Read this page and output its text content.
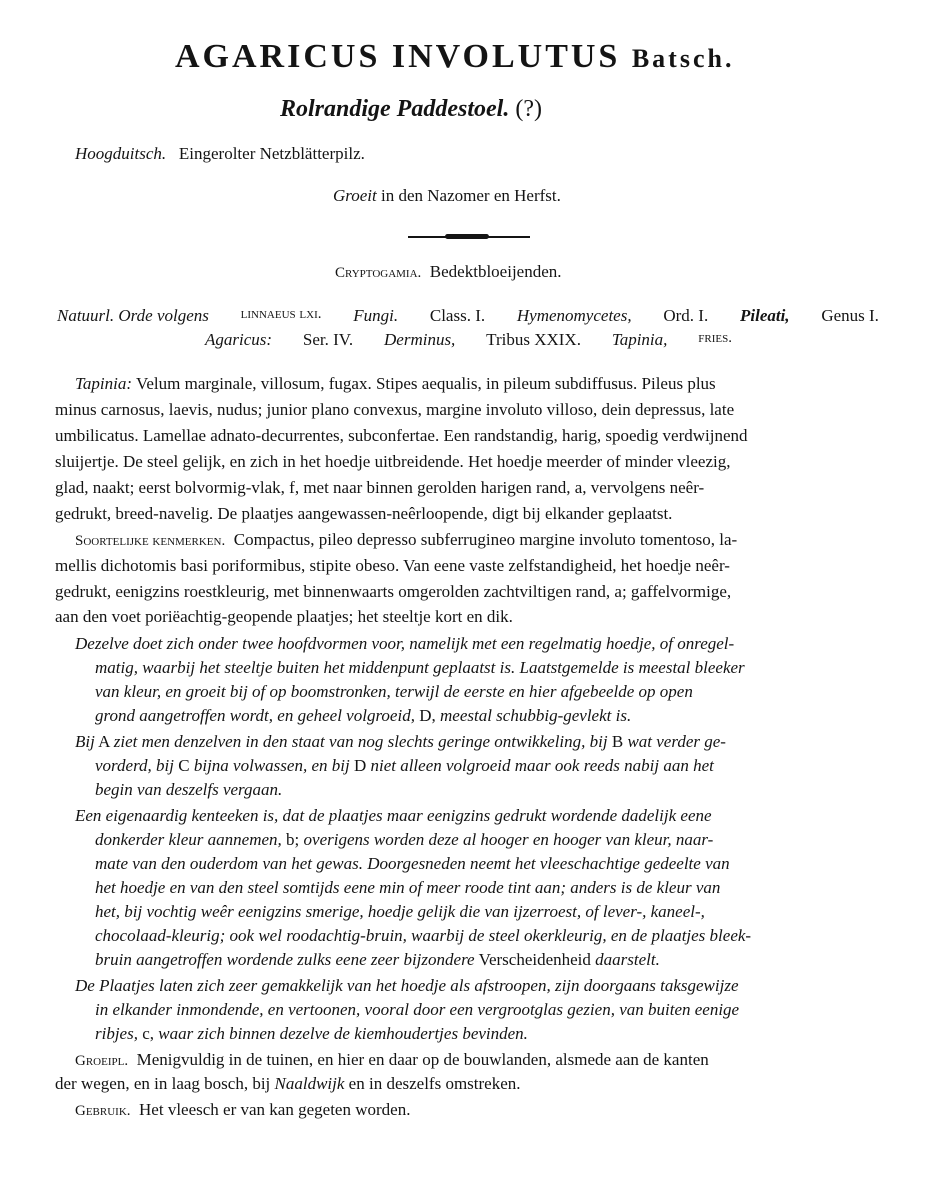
AGARICUS INVOLUTUS Batsch.
Rolrandige Paddestoel. (?)
Hoogduitsch. Eingerolter Netzblätterpilz.
Groeit in den Nazomer en Herfst.
Cryptogamia. Bedektbloeijenden.
Natuurl. Orde volgens linnaeus lxi. Fungi. Class. I. Hymenomycetes, Ord. I. Pileati, Genus I.
Agaricus: Ser. IV. Derminus, Tribus XXIX. Tapinia, fries.
Tapinia: Velum marginale, villosum, fugax. Stipes aequalis, in pileum subdiffusus. Pileus plus
minus carnosus, laevis, nudus; junior plano convexus, margine involuto villoso, dein depressus, late
umbilicatus. Lamellae adnato-decurrentes, subconfertae. Een randstandig, harig, spoedig verdwijnend
sluijertje. De steel gelijk, en zich in het hoedje uitbreidende. Het hoedje meerder of minder vleezig,
glad, naakt; eerst bolvormig-vlak, f, met naar binnen gerolden harigen rand, a, vervolgens neêr-
gedrukt, breed-navelig. De plaatjes aangewassen-neêrloopende, digt bij elkander geplaatst.
Soortelijke kenmerken. Compactus, pileo depresso subferrugineo margine involuto tomentoso, la-
mellis dichotomis basi poriformibus, stipite obeso. Van eene vaste zelfstandigheid, het hoedje neêr-
gedrukt, eenigzins roestkleurig, met binnenwaarts omgerolden zachtviltigen rand, a; gaffelvormige,
aan den voet poriëachtig-geopende plaatjes; het steeltje kort en dik.
Dezelve doet zich onder twee hoofdvormen voor, namelijk met een regelmatig hoedje, of onregel-
matig, waarbij het steeltje buiten het middenpunt geplaatst is. Laatstgemelde is meestal bleeker
van kleur, en groeit bij of op boomstronken, terwijl de eerste en hier afgebeelde op open
grond aangetroffen wordt, en geheel volgroeid, D, meestal schubbig-gevlekt is.
Bij A ziet men denzelven in den staat van nog slechts geringe ontwikkeling, bij B wat verder ge-
vorderd, bij C bijna volwassen, en bij D niet alleen volgroeid maar ook reeds nabij aan het
begin van deszelfs vergaan.
Een eigenaardig kenteeken is, dat de plaatjes maar eenigzins gedrukt wordende dadelijk eene
donkerder kleur aannemen, b; overigens worden deze al hooger en hooger van kleur, naar-
mate van den ouderdom van het gewas. Doorgesneden neemt het vleeschachtige gedeelte van
het hoedje en van den steel somtijds eene min of meer roode tint aan; anders is de kleur van
het, bij vochtig weêr eenigzins smerige, hoedje gelijk die van ijzerroest, of lever-, kaneel-,
chocolaad-kleurig; ook wel roodachtig-bruin, waarbij de steel okerkleurig, en de plaatjes bleek-
bruin aangetroffen wordende zulks eene zeer bijzondere Verscheidenheid daarstelt.
De Plaatjes laten zich zeer gemakkelijk van het hoedje als afstroopen, zijn doorgaans taksgewijze
in elkander inmondende, en vertoonen, vooral door een vergrootglas gezien, van buiten eenige
ribjes, c, waar zich binnen dezelve de kiemhoudertjes bevinden.
Groeipl. Menigvuldig in de tuinen, en hier en daar op de bouwlanden, alsmede aan de kanten
der wegen, en in laag bosch, bij Naaldwijk en in deszelfs omstreken.
Gebruik. Het vleesch er van kan gegeten worden.
